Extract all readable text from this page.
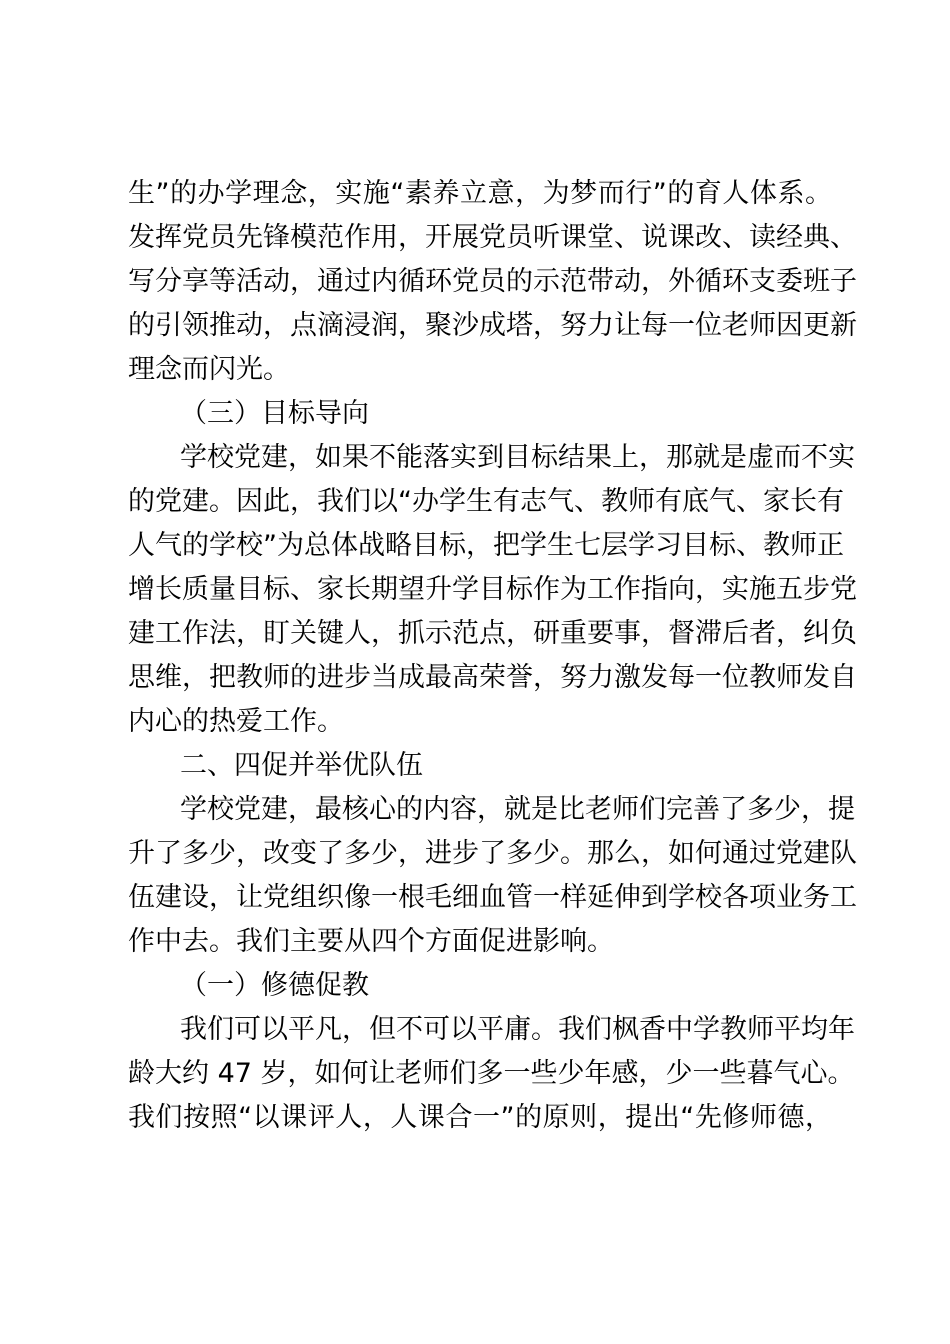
生”的办学理念，实施“素养立意，为梦而行”的育人体系。
发挥党员先锋模范作用，开展党员听课堂、说课改、读经典、
写分享等活动，通过内循环党员的示范带动，外循环支委班子
的引领推动，点滴浸润，聚沙成塔，努力让每一位老师因更新
理念而闪光。
（三）目标导向
学校党建，如果不能落实到目标结果上，那就是虚而不实
的党建。因此，我们以“办学生有志气、教师有底气、家长有
人气的学校”为总体战略目标，把学生七层学习目标、教师正
增长质量目标、家长期望升学目标作为工作指向，实施五步党
建工作法，盯关键人，抓示范点，研重要事，督滞后者，纠负
思维，把教师的进步当成最高荣誉，努力激发每一位教师发自
内心的热爱工作。
二、四促并举优队伍
学校党建，最核心的内容，就是比老师们完善了多少，提
升了多少，改变了多少，进步了多少。那么，如何通过党建队
伍建设，让党组织像一根毛细血管一样延伸到学校各项业务工
作中去。我们主要从四个方面促进影响。
（一）修德促教
我们可以平凡，但不可以平庸。我们枫香中学教师平均年
龄大约 47 岁，如何让老师们多一些少年感，少一些暮气心。
我们按照“以课评人，人课合一”的原则，提出“先修师德，
